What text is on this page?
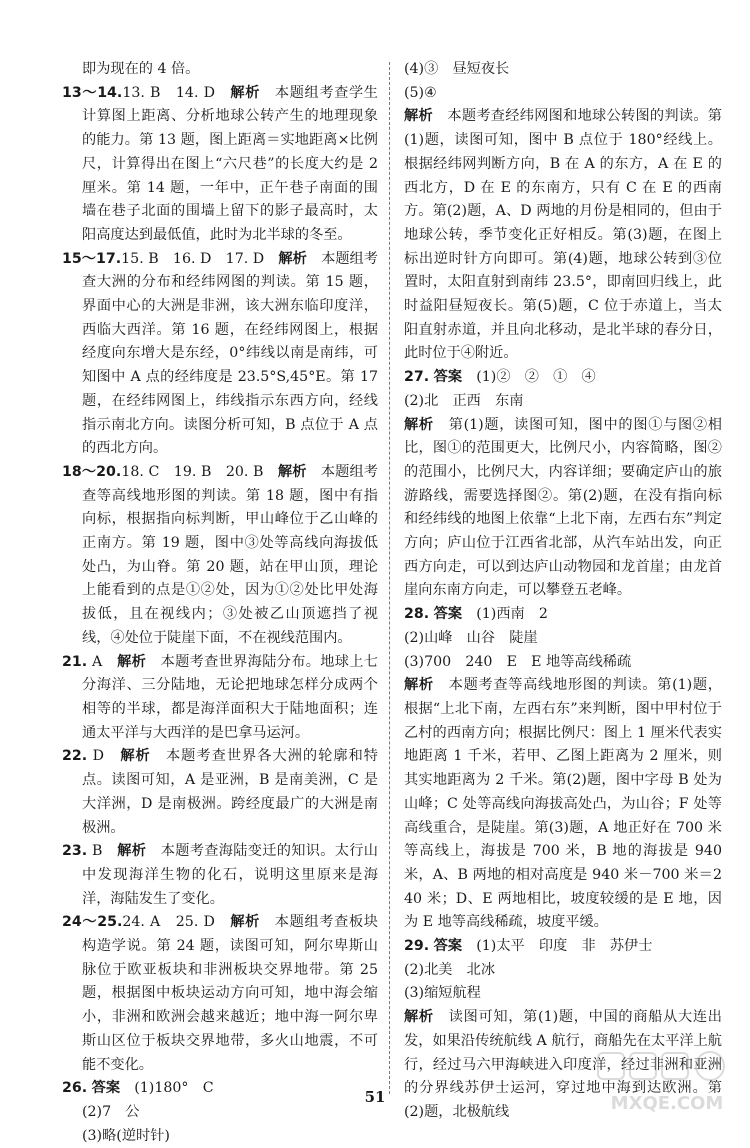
即为现在的 4 倍。

13～14.13. B　14. D　解析　本题组考查学生计算图上距离、分析地球公转产生的地理现象的能力。第 13 题，图上距离＝实地距离×比例尺，计算得出在图上“六尺巷”的长度大约是 2 厘米。第 14 题，一年中，正午巷子南面的围墙在巷子北面的围墙上留下的影子最高时，太阳高度达到最低值，此时为北半球的冬至。

15～17.15. B　16. D　17. D　解析　本题组考查大洲的分布和经纬网图的判读。第 15 题，界面中心的大洲是非洲，该大洲东临印度洋，西临大西洋。第 16 题，在经纬网图上，根据经度向东增大是东经，0°纬线以南是南纬，可知图中 A 点的经纬度是 23.5°S,45°E。第 17 题，在经纬网图上，纬线指示东西方向，经线指示南北方向。读图分析可知，B 点位于 A 点的西北方向。

18～20.18. C　19. B　20. B　解析　本题组考查等高线地形图的判读。第 18 题，图中有指向标，根据指向标判断，甲山峰位于乙山峰的正南方。第 19 题，图中③处等高线向海拔低处凸，为山脊。第 20 题，站在甲山顶，理论上能看到的点是①②处，因为①②处比甲处海拔低，且在视线内；③处被乙山顶遮挡了视线，④处位于陡崖下面，不在视线范围内。

21. A　解析　本题考查世界海陆分布。地球上七分海洋、三分陆地，无论把地球怎样分成两个相等的半球，都是海洋面积大于陆地面积；连通太平洋与大西洋的是巴拿马运河。

22. D　解析　本题考查世界各大洲的轮廓和特点。读图可知，A 是亚洲，B 是南美洲，C 是大洋洲，D 是南极洲。跨经度最广的大洲是南极洲。

23. B　解析　本题考查海陆变迁的知识。太行山中发现海洋生物的化石，说明这里原来是海洋，海陆发生了变化。

24～25.24. A　25. D　解析　本题组考查板块构造学说。第 24 题，读图可知，阿尔卑斯山脉位于欧亚板块和非洲板块交界地带。第 25 题，根据图中板块运动方向可知，地中海会缩小，非洲和欧洲会越来越近；地中海一阿尔卑斯山区位于板块交界地带，多火山地震，不可能不变化。

26. 答案　(1)180°　C

(2)7　公

(3)略(逆时针)

(4)③　昼短夜长

(5)④

解析　本题考查经纬网图和地球公转图的判读。第(1)题，读图可知，图中 B 点位于 180°经线上。根据经纬网判断方向，B 在 A 的东方，A 在 E 的西北方，D 在 E 的东南方，只有 C 在 E 的西南方。第(2)题，A、D 两地的月份是相同的，但由于地球公转，季节变化正好相反。第(3)题，在图上标出逆时针方向即可。第(4)题，地球公转到③位置时，太阳直射到南纬 23.5°，即南回归线上，此时益阳昼短夜长。第(5)题，C 位于赤道上，当太阳直射赤道，并且向北移动，是北半球的春分日，此时位于④附近。

27. 答案　(1)②　②　①　④

(2)北　正西　东南

解析　第(1)题，读图可知，图中的图①与图②相比，图①的范围更大，比例尺小，内容简略，图②的范围小，比例尺大，内容详细；要确定庐山的旅游路线，需要选择图②。第(2)题，在没有指向标和经纬线的地图上依靠“上北下南，左西右东”判定方向；庐山位于江西省北部，从汽车站出发，向正西方向走，可以到达庐山动物园和龙首崖；由龙首崖向东南方向走，可以攀登五老峰。

28. 答案　(1)西南　2

(2)山峰　山谷　陡崖

(3)700　240　E　E 地等高线稀疏

解析　本题考查等高线地形图的判读。第(1)题，根据“上北下南，左西右东”来判断，图中甲村位于乙村的西南方向；根据比例尺：图上 1 厘米代表实地距离 1 千米，若甲、乙图上距离为 2 厘米，则其实地距离为 2 千米。第(2)题，图中字母 B 处为山峰；C 处等高线向海拔高处凸，为山谷；F 处等高线重合，是陡崖。第(3)题，A 地正好在 700 米等高线上，海拔是 700 米，B 地的海拔是 940 米，A、B 两地的相对高度是 940 米－700 米＝240 米；D、E 两地相比，坡度较缓的是 E 地，因为 E 地等高线稀疏，坡度平缓。

29. 答案　(1)太平　印度　非　苏伊士

(2)北美　北冰

(3)缩短航程

解析　读图可知，第(1)题，中国的商船从大连出发，如果沿传统航线 A 航行，商船先在太平洋上航行，经过马六甲海峡进入印度洋，经过非洲和亚洲的分界线苏伊士运河，穿过地中海到达欧洲。第(2)题，北极航线

51	MXQE.COM
